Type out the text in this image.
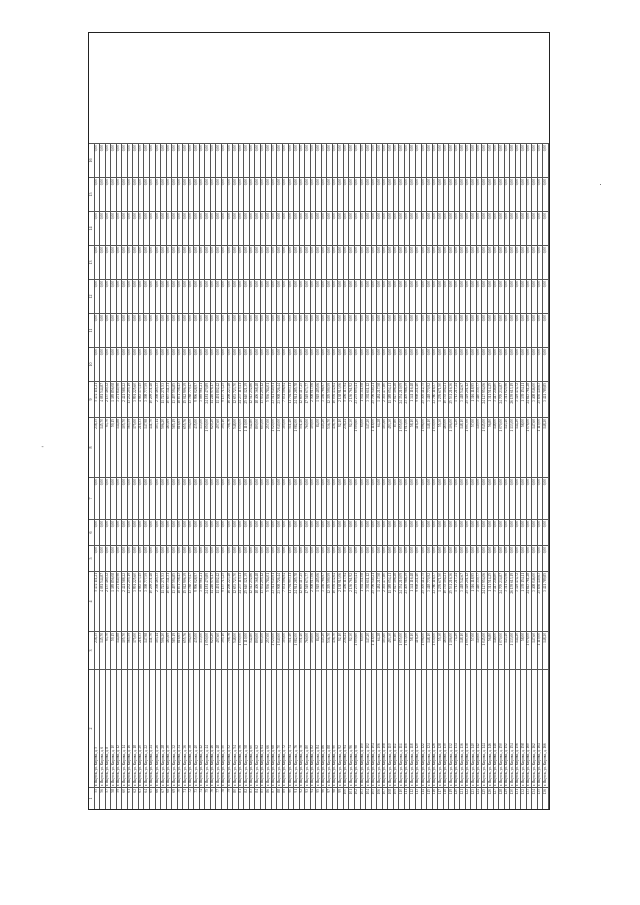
1
2
3
4
5
6
7
8
9
10
11
12
13
14
15
16
55
г. Якутск, ул. Кирова, д. 5
238,35
5 472 111,21
0,00
0,00
0,00
238,35
5 472 111,21
0,00
0,00
0,00
0,00
0,00
0,00
0,00
56
г. Якутск, ул. Кирова, д. 6
145,70
4 081 544,87
0,00
0,00
0,00
145,70
4 081 544,87
0,00
0,00
0,00
0,00
0,00
0,00
0,00
57
г. Якутск, ул. Кирова, д. 8
93,70
2 157 460,32
0,00
0,00
0,00
93,70
2 157 460,32
0,00
0,00
0,00
0,00
0,00
0,00
0,00
58
г. Якутск, ул. Кирова, д. 10
59,15
1 389 856,08
0,00
0,00
0,00
59,15
1 389 856,08
0,00
0,00
0,00
0,00
0,00
0,00
0,00
59
г. Якутск, ул. Кирова, д. 12
144,88
3 271 840,96
0,00
0,00
0,00
144,88
3 271 840,96
0,00
0,00
0,00
0,00
0,00
0,00
0,00
60
г. Якутск, ул. Кирова, д. 14
105,70
2 421 588,22
0,00
0,00
0,00
105,70
2 421 588,22
0,00
0,00
0,00
0,00
0,00
0,00
0,00
61
г. Якутск, ул. Кирова, д. 16
565,59
13 232 205,19
0,00
0,00
0,00
565,59
13 232 205,19
0,00
0,00
0,00
0,00
0,00
0,00
0,00
62
г. Якутск, ул. Кирова, д. 18
175,00
3 991 225,60
0,00
0,00
0,00
175,00
3 991 225,60
0,00
0,00
0,00
0,00
0,00
0,00
0,00
63
г. Якутск, ул. Кирова, д. 20
218,33
4 983 173,45
0,00
0,00
0,00
218,33
4 983 173,45
0,00
0,00
0,00
0,00
0,00
0,00
0,00
64
г. Якутск, ул. Кирова, д. 22
147,98
3 398 777,59
0,00
0,00
0,00
147,98
3 398 777,59
0,00
0,00
0,00
0,00
0,00
0,00
0,00
65
г. Якутск, ул. Кирова, д. 24
441,70
10 299 231,48
0,00
0,00
0,00
441,70
10 299 231,48
0,00
0,00
0,00
0,00
0,00
0,00
0,00
66
г. Якутск, ул. Кирова, д. 26
103,14
2 398 465,33
0,00
0,00
0,00
103,14
2 398 465,33
0,00
0,00
0,00
0,00
0,00
0,00
0,00
67
г. Якутск, ул. Кирова, д. 28
506,20
11 723 271,53
0,00
0,00
0,00
506,20
11 723 271,53
0,00
0,00
0,00
0,00
0,00
0,00
0,00
68
г. Якутск, ул. Кирова, д. 30
463,69
10 657 341,31
0,00
0,00
0,00
463,69
10 657 341,31
0,00
0,00
0,00
0,00
0,00
0,00
0,00
69
г. Якутск, ул. Кирова, д. 32
585,19
13 497 594,85
0,00
0,00
0,00
585,19
13 497 594,85
0,00
0,00
0,00
0,00
0,00
0,00
0,00
70
г. Якутск, ул. Кирова, д. 34
816,65
18 871 758,43
0,00
0,00
0,00
816,65
18 871 758,43
0,00
0,00
0,00
0,00
0,00
0,00
0,00
71
г. Якутск, ул. Кирова, д. 36
655,76
15 042 906,39
0,00
0,00
0,00
655,76
15 042 906,39
0,00
0,00
0,00
0,00
0,00
0,00
0,00
72
г. Якутск, ул. Кирова, д. 38
594,00
13 788 779,47
0,00
0,00
0,00
594,00
13 788 779,47
0,00
0,00
0,00
0,00
0,00
0,00
0,00
73
г. Якутск, ул. Кирова, д. 40
435,00
9 996 028,97
0,00
0,00
0,00
435,00
9 996 028,97
0,00
0,00
0,00
0,00
0,00
0,00
0,00
74
г. Якутск, ул. Кирова, д. 42
133,00
3 089 961,21
0,00
0,00
0,00
133,00
3 089 961,21
0,00
0,00
0,00
0,00
0,00
0,00
0,00
75
г. Якутск, ул. Кирова, д. 44
1 050,00
24 181 470,89
0,00
0,00
0,00
1 050,00
24 181 470,89
0,00
0,00
0,00
0,00
0,00
0,00
0,00
76
г. Якутск, ул. Кирова, д. 46
620,20
14 246 976,17
0,00
0,00
0,00
620,20
14 246 976,17
0,00
0,00
0,00
0,00
0,00
0,00
0,00
77
г. Якутск, ул. Кирова, д. 48
497,60
11 491 802,42
0,00
0,00
0,00
497,60
11 491 802,42
0,00
0,00
0,00
0,00
0,00
0,00
0,00
78
г. Якутск, ул. Кирова, д. 50
395,10
9 157 713,25
0,00
0,00
0,00
395,10
9 157 713,25
0,00
0,00
0,00
0,00
0,00
0,00
0,00
79
г. Якутск, ул. Кирова, д. 52
708,76
16 298 223,48
0,00
0,00
0,00
708,76
16 298 223,48
0,00
0,00
0,00
0,00
0,00
0,00
0,00
80
г. Якутск, ул. Кирова, д. 54
548,00
12 653 723,70
0,00
0,00
0,00
548,00
12 653 723,70
0,00
0,00
0,00
0,00
0,00
0,00
0,00
81
г. Якутск, ул. Кирова, д. 56
1 050,00
24 237 115,41
0,00
0,00
0,00
1 050,00
24 237 115,41
0,00
0,00
0,00
0,00
0,00
0,00
0,00
82
г. Якутск, ул. Кирова, д. 58
1 110,00
25 640 121,39
0,00
0,00
0,00
1 110,00
25 640 121,39
0,00
0,00
0,00
0,00
0,00
0,00
0,00
83
г. Якутск, ул. Кирова, д. 60
542,80
12 543 252,86
0,00
0,00
0,00
542,80
12 543 252,86
0,00
0,00
0,00
0,00
0,00
0,00
0,00
84
г. Якутск, ул. Кирова, д. 62
800,00
18 406 368,48
0,00
0,00
0,00
800,00
18 406 368,48
0,00
0,00
0,00
0,00
0,00
0,00
0,00
85
г. Якутск, ул. Кирова, д. 64
603,00
13 934 205,12
0,00
0,00
0,00
603,00
13 934 205,12
0,00
0,00
0,00
0,00
0,00
0,00
0,00
86
г. Якутск, ул. Кирова, д. 66
257,00
5 936 784,01
0,00
0,00
0,00
257,00
5 936 784,01
0,00
0,00
0,00
0,00
0,00
0,00
0,00
87
г. Якутск, ул. Кирова, д. 68
1 020,00
23 511 045,91
0,00
0,00
0,00
1 020,00
23 511 045,91
0,00
0,00
0,00
0,00
0,00
0,00
0,00
88
г. Якутск, ул. Кирова, д. 70
1 040,00
23 908 726,44
0,00
0,00
0,00
1 040,00
23 908 726,44
0,00
0,00
0,00
0,00
0,00
0,00
0,00
89
г. Якутск, ул. Кирова, д. 72
305,00
7 031 506,94
0,00
0,00
0,00
305,00
7 031 506,94
0,00
0,00
0,00
0,00
0,00
0,00
0,00
90
г. Якутск, ул. Кирова, д. 74
511,40
11 794 903,11
0,00
0,00
0,00
511,40
11 794 903,11
0,00
0,00
0,00
0,00
0,00
0,00
0,00
91
г. Якутск, ул. Кирова, д. 76
1 082,00
24 941 285,78
0,00
0,00
0,00
1 082,00
24 941 285,78
0,00
0,00
0,00
0,00
0,00
0,00
0,00
92
г. Якутск, ул. Кирова, д. 78
551,40
12 695 417,25
0,00
0,00
0,00
551,40
12 695 417,25
0,00
0,00
0,00
0,00
0,00
0,00
0,00
93
г. Якутск, ул. Кирова, д. 80
760,00
17 549 673,77
0,00
0,00
0,00
760,00
17 549 673,77
0,00
0,00
0,00
0,00
0,00
0,00
0,00
94
г. Якутск, ул. Кирова, д. 82
109,00
2 508 017,06
0,00
0,00
0,00
109,00
2 508 017,06
0,00
0,00
0,00
0,00
0,00
0,00
0,00
95
г. Якутск, ул. Кирова, д. 84
84,00
1 949 485,06
0,00
0,00
0,00
84,00
1 949 485,06
0,00
0,00
0,00
0,00
0,00
0,00
0,00
96
г. Якутск, ул. Кирова, д. 86
145,20
3 336 766,97
0,00
0,00
0,00
145,20
3 336 766,97
0,00
0,00
0,00
0,00
0,00
0,00
0,00
97
г. Якутск, ул. Кирова, д. 88
536,70
12 395 599,59
0,00
0,00
0,00
536,70
12 395 599,59
0,00
0,00
0,00
0,00
0,00
0,00
0,00
98
г. Якутск, ул. Кирова, д. 90
436,70
10 076 432,64
0,00
0,00
0,00
436,70
10 076 432,64
0,00
0,00
0,00
0,00
0,00
0,00
0,00
99
г. Якутск, ул. Кирова, д. 92
92,10
2 138 913,06
0,00
0,00
0,00
92,10
2 138 913,06
0,00
0,00
0,00
0,00
0,00
0,00
0,00
100
г. Якутск, ул. Кирова, д. 94
236,24
5 456 117,94
0,00
0,00
0,00
236,24
5 456 117,94
0,00
0,00
0,00
0,00
0,00
0,00
0,00
101
г. Якутск, ул. Кирова, д. 96
92,30
2 136 761,92
0,00
0,00
0,00
92,30
2 136 761,92
0,00
0,00
0,00
0,00
0,00
0,00
0,00
102
г. Якутск, ул. Кирова, д. 98
1 009,60
23 275 605,41
0,00
0,00
0,00
1 009,60
23 275 605,41
0,00
0,00
0,00
0,00
0,00
0,00
0,00
103
г. Якутск, ул. Кирова, д. 100
65,00
1 502 311,08
0,00
0,00
0,00
65,00
1 502 311,08
0,00
0,00
0,00
0,00
0,00
0,00
0,00
104
г. Якутск, ул. Кирова, д. 102
147,20
3 392 611,12
0,00
0,00
0,00
147,20
3 392 611,12
0,00
0,00
0,00
0,00
0,00
0,00
0,00
105
г. Якутск, ул. Кирова, д. 104
1 118,00
25 796 540,21
0,00
0,00
0,00
1 118,00
25 796 540,21
0,00
0,00
0,00
0,00
0,00
0,00
0,00
106
г. Якутск, ул. Кирова, д. 106
64,28
1 484 217,58
0,00
0,00
0,00
64,28
1 484 217,58
0,00
0,00
0,00
0,00
0,00
0,00
0,00
107
г. Якутск, ул. Кирова, д. 108
103,60
2 393 477,80
0,00
0,00
0,00
103,60
2 393 477,80
0,00
0,00
0,00
0,00
0,00
0,00
0,00
108
г. Якутск, ул. Кирова, д. 110
493,30
11 389 054,41
0,00
0,00
0,00
493,30
11 389 054,41
0,00
0,00
0,00
0,00
0,00
0,00
0,00
109
г. Якутск, ул. Кирова, д. 112
87,80
2 027 106,28
0,00
0,00
0,00
87,80
2 027 106,28
0,00
0,00
0,00
0,00
0,00
0,00
0,00
110
г. Якутск, ул. Кирова, д. 114
1 055,00
24 354 210,09
0,00
0,00
0,00
1 055,00
24 354 210,09
0,00
0,00
0,00
0,00
0,00
0,00
0,00
111
г. Якутск, ул. Кирова, д. 116
1 013,00
23 405 988,39
0,00
0,00
0,00
1 013,00
23 405 988,39
0,00
0,00
0,00
0,00
0,00
0,00
0,00
112
г. Якутск, ул. Кирова, д. 118
58,10
1 341 116,48
0,00
0,00
0,00
58,10
1 341 116,48
0,00
0,00
0,00
0,00
0,00
0,00
0,00
113
г. Якутск, ул. Кирова, д. 120
416,20
9 608 211,40
0,00
0,00
0,00
416,20
9 608 211,40
0,00
0,00
0,00
0,00
0,00
0,00
0,00
114
г. Якутск, ул. Кирова, д. 122
1 096,00
25 305 412,75
0,00
0,00
0,00
1 096,00
25 305 412,75
0,00
0,00
0,00
0,00
0,00
0,00
0,00
115
г. Якутск, ул. Кирова, д. 124
148,10
3 418 770,92
0,00
0,00
0,00
148,10
3 418 770,92
0,00
0,00
0,00
0,00
0,00
0,00
0,00
116
г. Якутск, ул. Кирова, д. 126
1 030,00
23 780 116,57
0,00
0,00
0,00
1 030,00
23 780 116,57
0,00
0,00
0,00
0,00
0,00
0,00
0,00
117
г. Якутск, ул. Кирова, д. 128
55,30
1 276 671,50
0,00
0,00
0,00
55,30
1 276 671,50
0,00
0,00
0,00
0,00
0,00
0,00
0,00
118
г. Якутск, ул. Кирова, д. 130
465,00
10 735 104,21
0,00
0,00
0,00
465,00
10 735 104,21
0,00
0,00
0,00
0,00
0,00
0,00
0,00
119
г. Якутск, ул. Кирова, д. 132
1 106,00
25 531 216,36
0,00
0,00
0,00
1 106,00
25 531 216,36
0,00
0,00
0,00
0,00
0,00
0,00
0,00
120
г. Якутск, ул. Кирова, д. 134
74,20
1 713 217,24
0,00
0,00
0,00
74,20
1 713 217,24
0,00
0,00
0,00
0,00
0,00
0,00
0,00
121
г. Якутск, ул. Кирова, д. 136
148,10
3 418 542,67
0,00
0,00
0,00
148,10
3 418 542,67
0,00
0,00
0,00
0,00
0,00
0,00
0,00
122
г. Якутск, ул. Кирова, д. 138
1 097,00
25 329 201,12
0,00
0,00
0,00
1 097,00
25 329 201,12
0,00
0,00
0,00
0,00
0,00
0,00
0,00
123
г. Якутск, ул. Кирова, д. 140
57,00
1 316 118,95
0,00
0,00
0,00
57,00
1 316 118,95
0,00
0,00
0,00
0,00
0,00
0,00
0,00
124
г. Якутск, ул. Кирова, д. 142
149,00
3 440 330,77
0,00
0,00
0,00
149,00
3 440 330,77
0,00
0,00
0,00
0,00
0,00
0,00
0,00
125
г. Якутск, ул. Кирова, д. 144
1 045,00
24 127 954,06
0,00
0,00
0,00
1 045,00
24 127 954,06
0,00
0,00
0,00
0,00
0,00
0,00
0,00
126
г. Якутск, ул. Кирова, д. 146
56,80
1 311 514,25
0,00
0,00
0,00
56,80
1 311 514,25
0,00
0,00
0,00
0,00
0,00
0,00
0,00
127
г. Якутск, ул. Кирова, д. 148
148,00
3 417 246,80
0,00
0,00
0,00
148,00
3 417 246,80
0,00
0,00
0,00
0,00
0,00
0,00
0,00
128
г. Якутск, ул. Кирова, д. 150
1 070,00
24 705 234,87
0,00
0,00
0,00
1 070,00
24 705 234,87
0,00
0,00
0,00
0,00
0,00
0,00
0,00
129
г. Якутск, ул. Кирова, д. 152
143,40
3 311 025,96
0,00
0,00
0,00
143,40
3 311 025,96
0,00
0,00
0,00
0,00
0,00
0,00
0,00
130
г. Якутск, ул. Кирова, д. 154
1 133,00
26 159 613,19
0,00
0,00
0,00
1 133,00
26 159 613,19
0,00
0,00
0,00
0,00
0,00
0,00
0,00
131
г. Якутск, ул. Кирова, д. 156
144,20
3 329 474,72
0,00
0,00
0,00
144,20
3 329 474,72
0,00
0,00
0,00
0,00
0,00
0,00
0,00
132
г. Якутск, ул. Кирова, д. 158
58,00
1 339 154,11
0,00
0,00
0,00
58,00
1 339 154,11
0,00
0,00
0,00
0,00
0,00
0,00
0,00
133
г. Якутск, ул. Кирова, д. 160
1 076,00
24 843 761,28
0,00
0,00
0,00
1 076,00
24 843 761,28
0,00
0,00
0,00
0,00
0,00
0,00
0,00
134
г. Якутск, ул. Кирова, д. 162
147,60
3 408 046,00
0,00
0,00
0,00
147,60
3 408 046,00
0,00
0,00
0,00
0,00
0,00
0,00
0,00
135
г. Якутск, ул. Кирова, д. 164
1 119,00
25 836 449,63
0,00
0,00
0,00
1 119,00
25 836 449,63
0,00
0,00
0,00
0,00
0,00
0,00
0,00
136
г. Якутск, ул. Кирова, д. 166
148,20
3 421 789,85
0,00
0,00
0,00
148,20
3 421 789,85
0,00
0,00
0,00
0,00
0,00
0,00
0,00
"
